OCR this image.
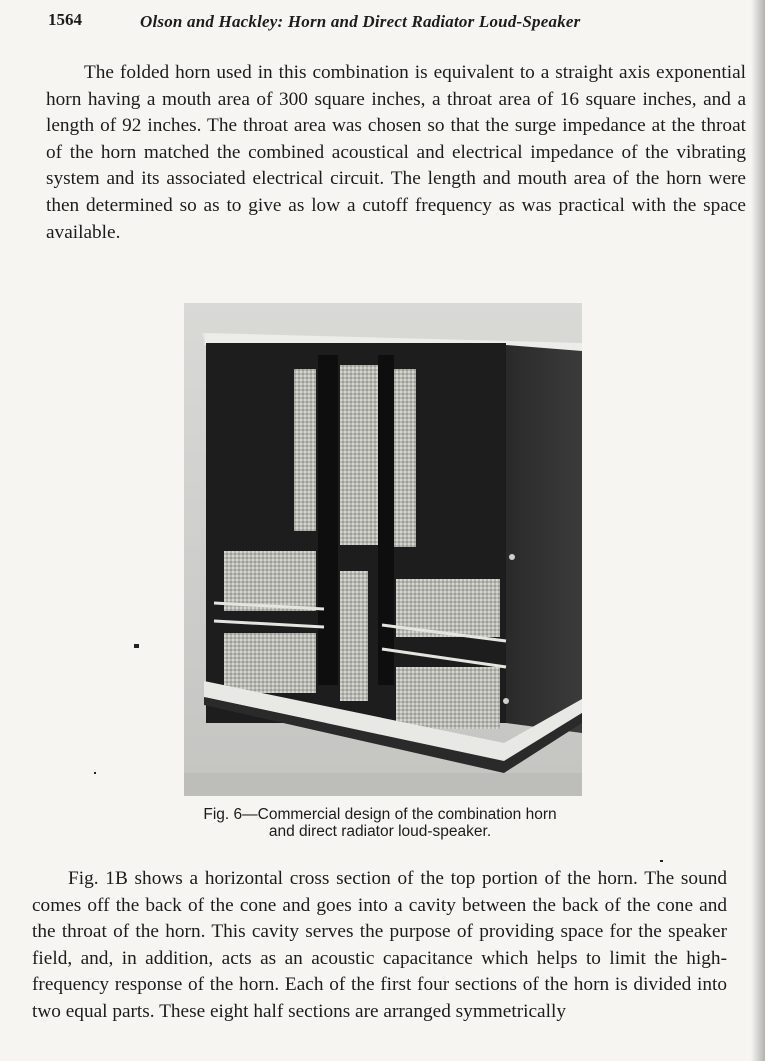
1564	Olson and Hackley: Horn and Direct Radiator Loud-Speaker

The folded horn used in this combination is equivalent to a straight axis exponential horn having a mouth area of 300 square inches, a throat area of 16 square inches, and a length of 92 inches. The throat area was chosen so that the surge impedance at the throat of the horn matched the combined acoustical and electrical impedance of the vibrating system and its associated electrical circuit. The length and mouth area of the horn were then determined so as to give as low a cutoff frequency as was practical with the space available.

Fig. 6—Commercial design of the combination horn
and direct radiator loud-speaker.

Fig. 1B shows a horizontal cross section of the top portion of the horn. The sound comes off the back of the cone and goes into a cavity between the back of the cone and the throat of the horn. This cavity serves the purpose of providing space for the speaker field, and, in addition, acts as an acoustic capacitance which helps to limit the high-frequency response of the horn. Each of the first four sections of the horn is divided into two equal parts. These eight half sections are arranged symmetrically
